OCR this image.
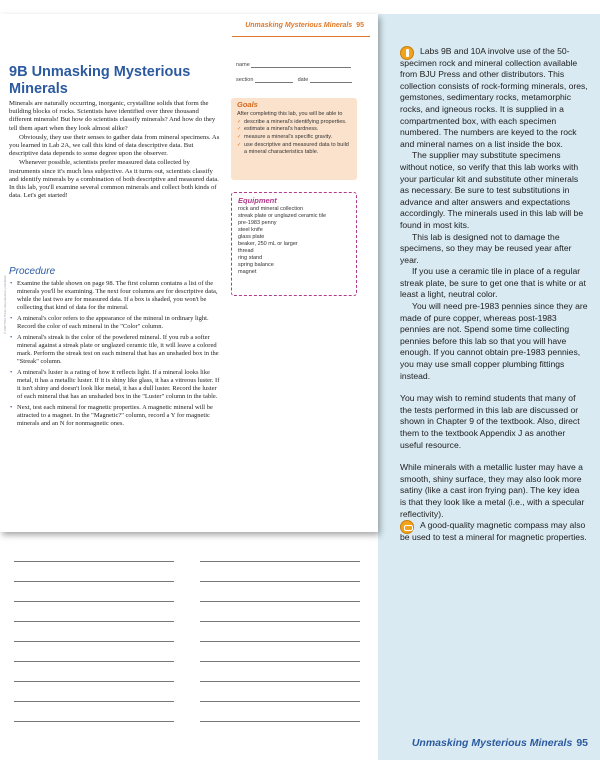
Unmasking Mysterious Minerals 95
© 2007 BJU Press. Reproduction prohibited.
name
section	date
9B Unmasking Mysterious
Minerals

Minerals are naturally occurring, inorganic, crystalline solids that form the building blocks of rocks. Scientists have identified over three thousand different minerals! But how do scientists classify minerals? And how do they tell them apart when they look almost alike?

Obviously, they use their senses to gather data from mineral specimens. As you learned in Lab 2A, we call this kind of data descriptive data. But descriptive data depends to some degree upon the observer.

Whenever possible, scientists prefer measured data collected by instruments since it's much less subjective. As it turns out, scientists classify and identify minerals by a combination of both descriptive and measured data. In this lab, you'll examine several common minerals and collect both kinds of data. Let's get started!

Procedure
• Examine the table shown on page 98. The first column contains a list of the minerals you'll be examining. The next four columns are for descriptive data, while the last two are for measured data. If a box is shaded, you won't be collecting that kind of data for the mineral.
• A mineral's color refers to the appearance of the mineral in ordinary light. Record the color of each mineral in the "Color" column.
• A mineral's streak is the color of the powdered mineral. If you rub a softer mineral against a streak plate or unglazed ceramic tile, it will leave a colored mark. Perform the streak test on each mineral that has an unshaded box in the "Streak" column.
• A mineral's luster is a rating of how it reflects light. If a mineral looks like metal, it has a metallic luster. If it is shiny like glass, it has a vitreous luster. If it isn't shiny and doesn't look like metal, it has a dull luster. Record the luster of each mineral that has an unshaded box in the "Luster" column in the table.
• Next, test each mineral for magnetic properties. A magnetic mineral will be attracted to a magnet. In the "Magnetic?" column, record a Y for magnetic minerals and an N for nonmagnetic ones.
Goals
After completing this lab, you will be able to
✓ describe a mineral's identifying properties.
✓ estimate a mineral's hardness.
✓ measure a mineral's specific gravity.
✓ use descriptive and measured data to build a mineral characteristics table.
Equipment
rock and mineral collection
streak plate or unglazed ceramic tile
pre-1983 penny
steel knife
glass plate
beaker, 250 mL or larger
thread
ring stand
spring balance
magnet

Labs 9B and 10A involve use of the 50-specimen rock and mineral collection available from BJU Press and other distributors. This collection consists of rock-forming minerals, ores, gemstones, sedimentary rocks, metamorphic rocks, and igneous rocks. It is supplied in a compartmented box, with each specimen numbered. The numbers are keyed to the rock and mineral names on a list inside the box.

The supplier may substitute specimens without notice, so verify that this lab works with your particular kit and substitute other minerals as necessary. Be sure to test substitutions in advance and alter answers and expectations accordingly. The minerals used in this lab will be found in most kits.

This lab is designed not to damage the specimens, so they may be reused year after year.

If you use a ceramic tile in place of a regular streak plate, be sure to get one that is white or at least a light, neutral color.

You will need pre-1983 pennies since they are made of pure copper, whereas post-1983 pennies are not. Spend some time collecting pennies before this lab so that you will have enough. If you cannot obtain pre-1983 pennies, you may use small copper plumbing fittings instead.

You may wish to remind students that many of the tests performed in this lab are discussed or shown in Chapter 9 of the textbook. Also, direct them to the textbook Appendix J as another useful resource.

While minerals with a metallic luster may have a smooth, shiny surface, they may also look more satiny (like a cast iron frying pan). The key idea is that they look like a metal (i.e., with a specular reflectivity).

A good-quality magnetic compass may also be used to test a mineral for magnetic properties.

Unmasking Mysterious Minerals 95
